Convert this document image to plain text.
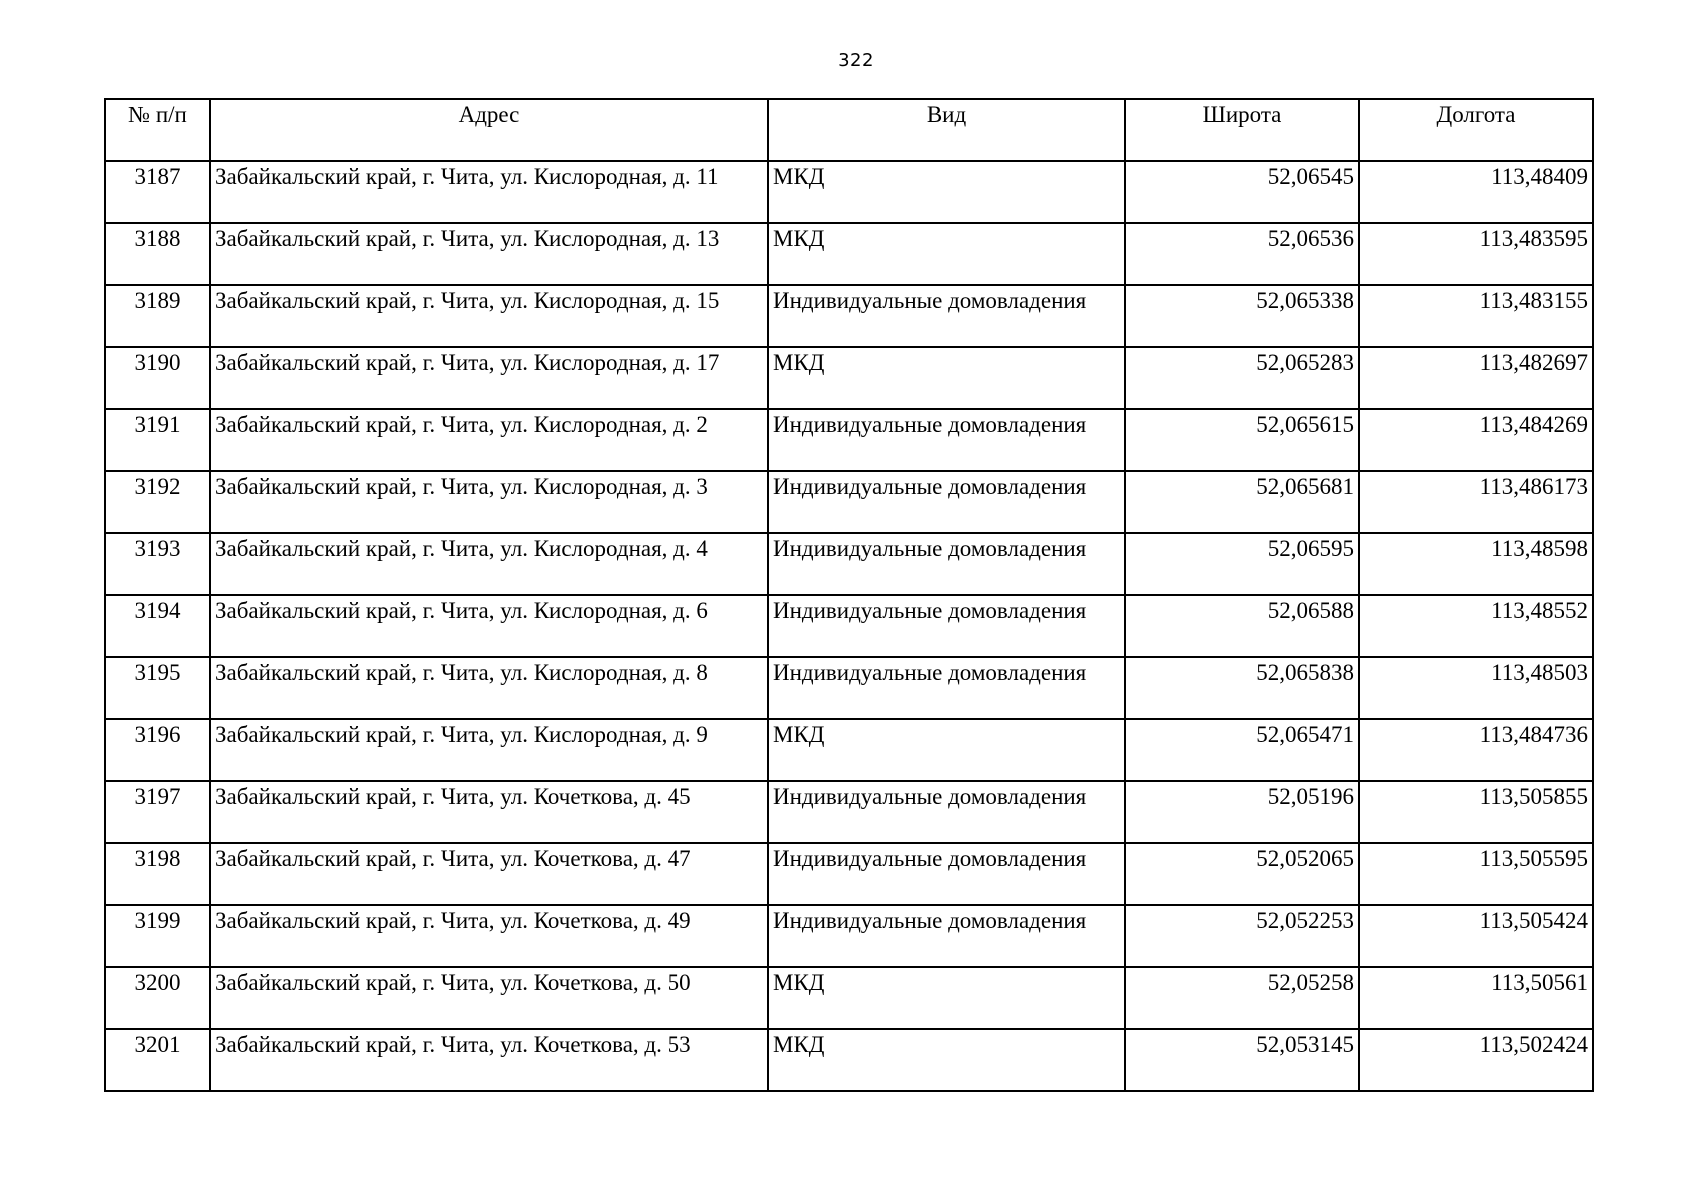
322
№ п/п	Адрес	Вид	Широта	Долгота
3187	Забайкальский край, г. Чита, ул. Кислородная, д. 11	МКД	52,06545	113,48409
3188	Забайкальский край, г. Чита, ул. Кислородная, д. 13	МКД	52,06536	113,483595
3189	Забайкальский край, г. Чита, ул. Кислородная, д. 15	Индивидуальные домовладения	52,065338	113,483155
3190	Забайкальский край, г. Чита, ул. Кислородная, д. 17	МКД	52,065283	113,482697
3191	Забайкальский край, г. Чита, ул. Кислородная, д. 2	Индивидуальные домовладения	52,065615	113,484269
3192	Забайкальский край, г. Чита, ул. Кислородная, д. 3	Индивидуальные домовладения	52,065681	113,486173
3193	Забайкальский край, г. Чита, ул. Кислородная, д. 4	Индивидуальные домовладения	52,06595	113,48598
3194	Забайкальский край, г. Чита, ул. Кислородная, д. 6	Индивидуальные домовладения	52,06588	113,48552
3195	Забайкальский край, г. Чита, ул. Кислородная, д. 8	Индивидуальные домовладения	52,065838	113,48503
3196	Забайкальский край, г. Чита, ул. Кислородная, д. 9	МКД	52,065471	113,484736
3197	Забайкальский край, г. Чита, ул. Кочеткова, д. 45	Индивидуальные домовладения	52,05196	113,505855
3198	Забайкальский край, г. Чита, ул. Кочеткова, д. 47	Индивидуальные домовладения	52,052065	113,505595
3199	Забайкальский край, г. Чита, ул. Кочеткова, д. 49	Индивидуальные домовладения	52,052253	113,505424
3200	Забайкальский край, г. Чита, ул. Кочеткова, д. 50	МКД	52,05258	113,50561
3201	Забайкальский край, г. Чита, ул. Кочеткова, д. 53	МКД	52,053145	113,502424
